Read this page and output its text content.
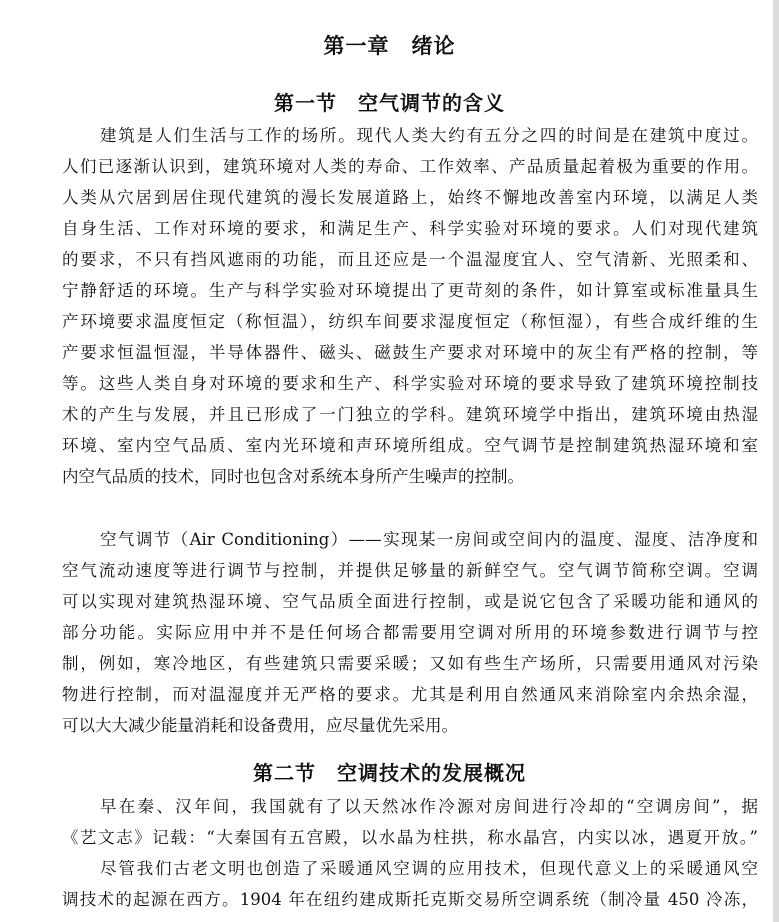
第一章　绪论
第一节　空气调节的含义
建筑是人们生活与工作的场所。现代人类大约有五分之四的时间是在建筑中度过。
人们已逐渐认识到，建筑环境对人类的寿命、工作效率、产品质量起着极为重要的作用。
人类从穴居到居住现代建筑的漫长发展道路上，始终不懈地改善室内环境，以满足人类
自身生活、工作对环境的要求，和满足生产、科学实验对环境的要求。人们对现代建筑
的要求，不只有挡风遮雨的功能，而且还应是一个温湿度宜人、空气清新、光照柔和、
宁静舒适的环境。生产与科学实验对环境提出了更苛刻的条件，如计算室或标准量具生
产环境要求温度恒定（称恒温），纺织车间要求湿度恒定（称恒湿），有些合成纤维的生
产要求恒温恒湿，半导体器件、磁头、磁鼓生产要求对环境中的灰尘有严格的控制，等
等。这些人类自身对环境的要求和生产、科学实验对环境的要求导致了建筑环境控制技
术的产生与发展，并且已形成了一门独立的学科。建筑环境学中指出，建筑环境由热湿
环境、室内空气品质、室内光环境和声环境所组成。空气调节是控制建筑热湿环境和室
内空气品质的技术，同时也包含对系统本身所产生噪声的控制。
空气调节（Air Conditioning）——实现某一房间或空间内的温度、湿度、洁净度和
空气流动速度等进行调节与控制，并提供足够量的新鲜空气。空气调节简称空调。空调
可以实现对建筑热湿环境、空气品质全面进行控制，或是说它包含了采暖功能和通风的
部分功能。实际应用中并不是任何场合都需要用空调对所用的环境参数进行调节与控
制，例如，寒冷地区，有些建筑只需要采暖；又如有些生产场所，只需要用通风对污染
物进行控制，而对温湿度并无严格的要求。尤其是利用自然通风来消除室内余热余湿，
可以大大减少能量消耗和设备费用，应尽量优先采用。
第二节　空调技术的发展概况
早在秦、汉年间，我国就有了以天然冰作冷源对房间进行冷却的“空调房间”，据
《艺文志》记载：“大秦国有五宫殿，以水晶为柱拱，称水晶宫，内实以冰，遇夏开放。”
尽管我们古老文明也创造了采暖通风空调的应用技术，但现代意义上的采暖通风空
调技术的起源在西方。1904 年在纽约建成斯托克斯交易所空调系统（制冷量 450 冷冻，
